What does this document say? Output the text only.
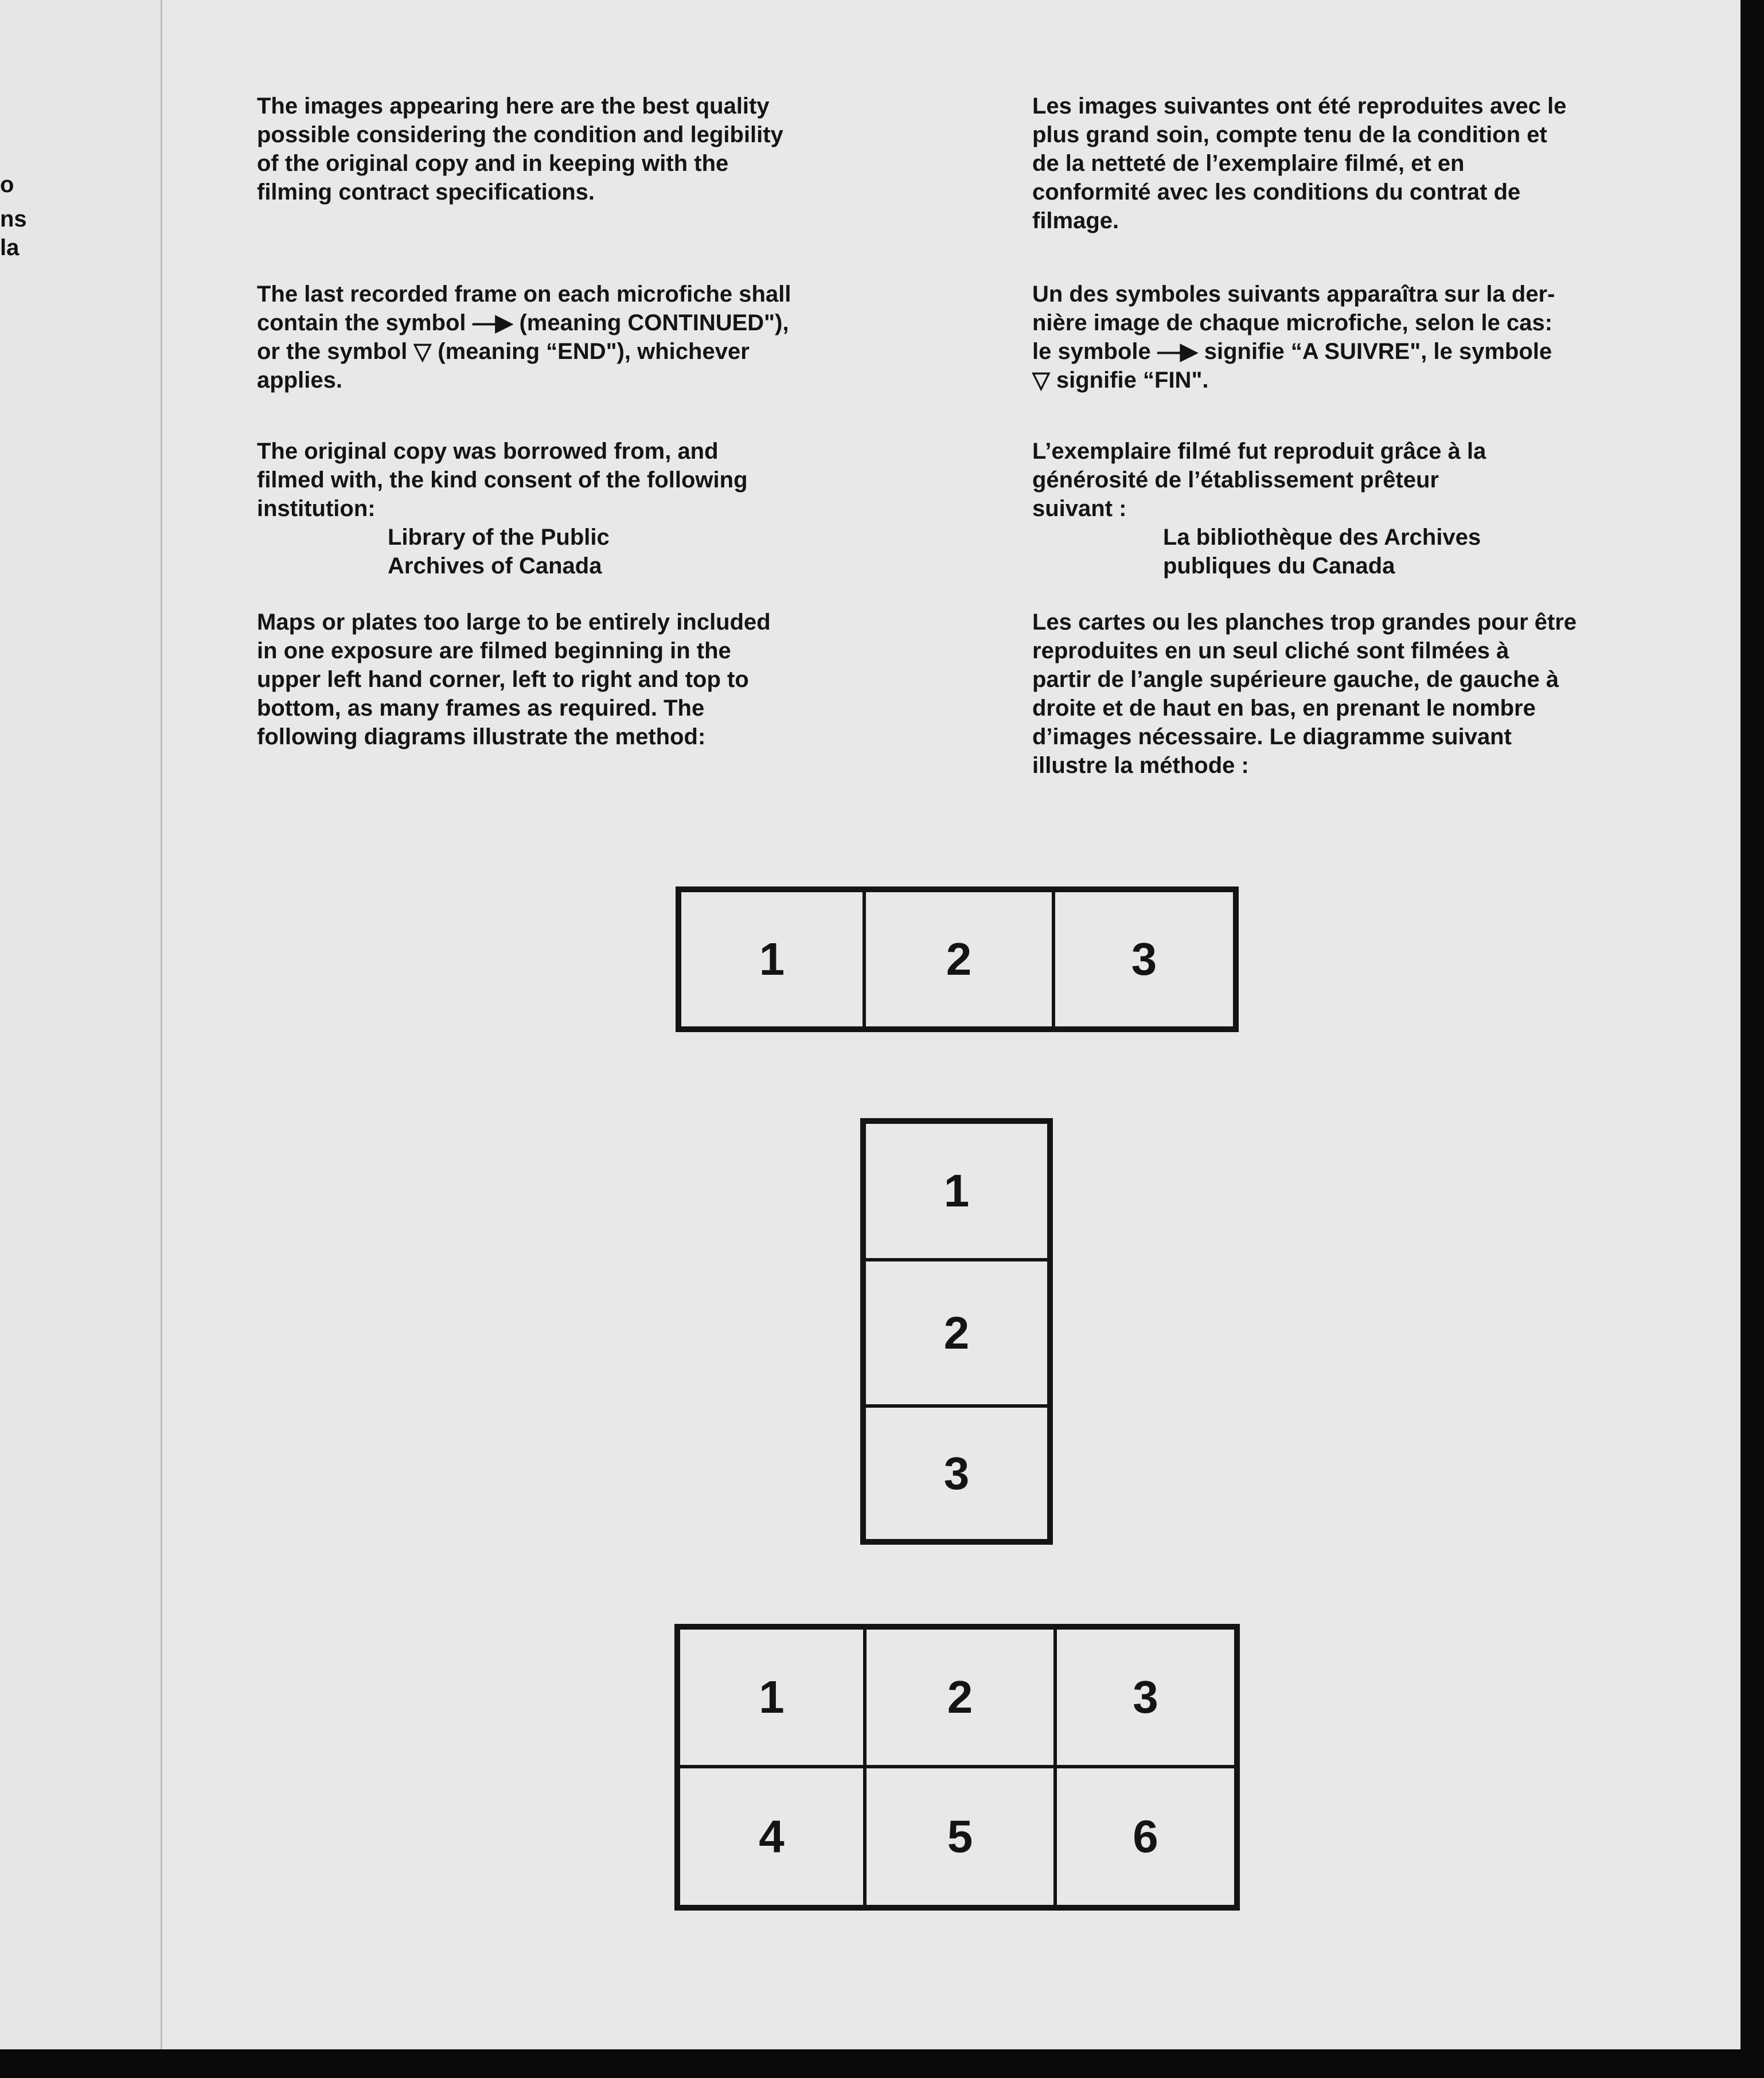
o
ns
la

The images appearing here are the best quality

possible considering the condition and legibility

of the original copy and in keeping with the

filming contract specifications.

The last recorded frame on each microfiche shall

contain the symbol —▶ (meaning CONTINUED"),

or the symbol ▽ (meaning “END"), whichever

applies.

The original copy was borrowed from, and

filmed with, the kind consent of the following

institution:

Library of the Public

Archives of Canada

Maps or plates too large to be entirely included

in one exposure are filmed beginning in the

upper left hand corner, left to right and top to

bottom, as many frames as required. The

following diagrams illustrate the method:

Les images suivantes ont été reproduites avec le

plus grand soin, compte tenu de la condition et

de la netteté de l’exemplaire filmé, et en

conformité avec les conditions du contrat de

filmage.

Un des symboles suivants apparaîtra sur la der-

nière image de chaque microfiche, selon le cas:

le symbole —▶ signifie “A SUIVRE", le symbole

▽ signifie “FIN".

L’exemplaire filmé fut reproduit grâce à la

générosité de l’établissement prêteur

suivant :

La bibliothèque des Archives

publiques du Canada

Les cartes ou les planches trop grandes pour être

reproduites en un seul cliché sont filmées à

partir de l’angle supérieure gauche, de gauche à

droite et de haut en bas, en prenant le nombre

d’images nécessaire. Le diagramme suivant

illustre la méthode :

1	2	3
1
2
3
1	2	3
4	5	6
